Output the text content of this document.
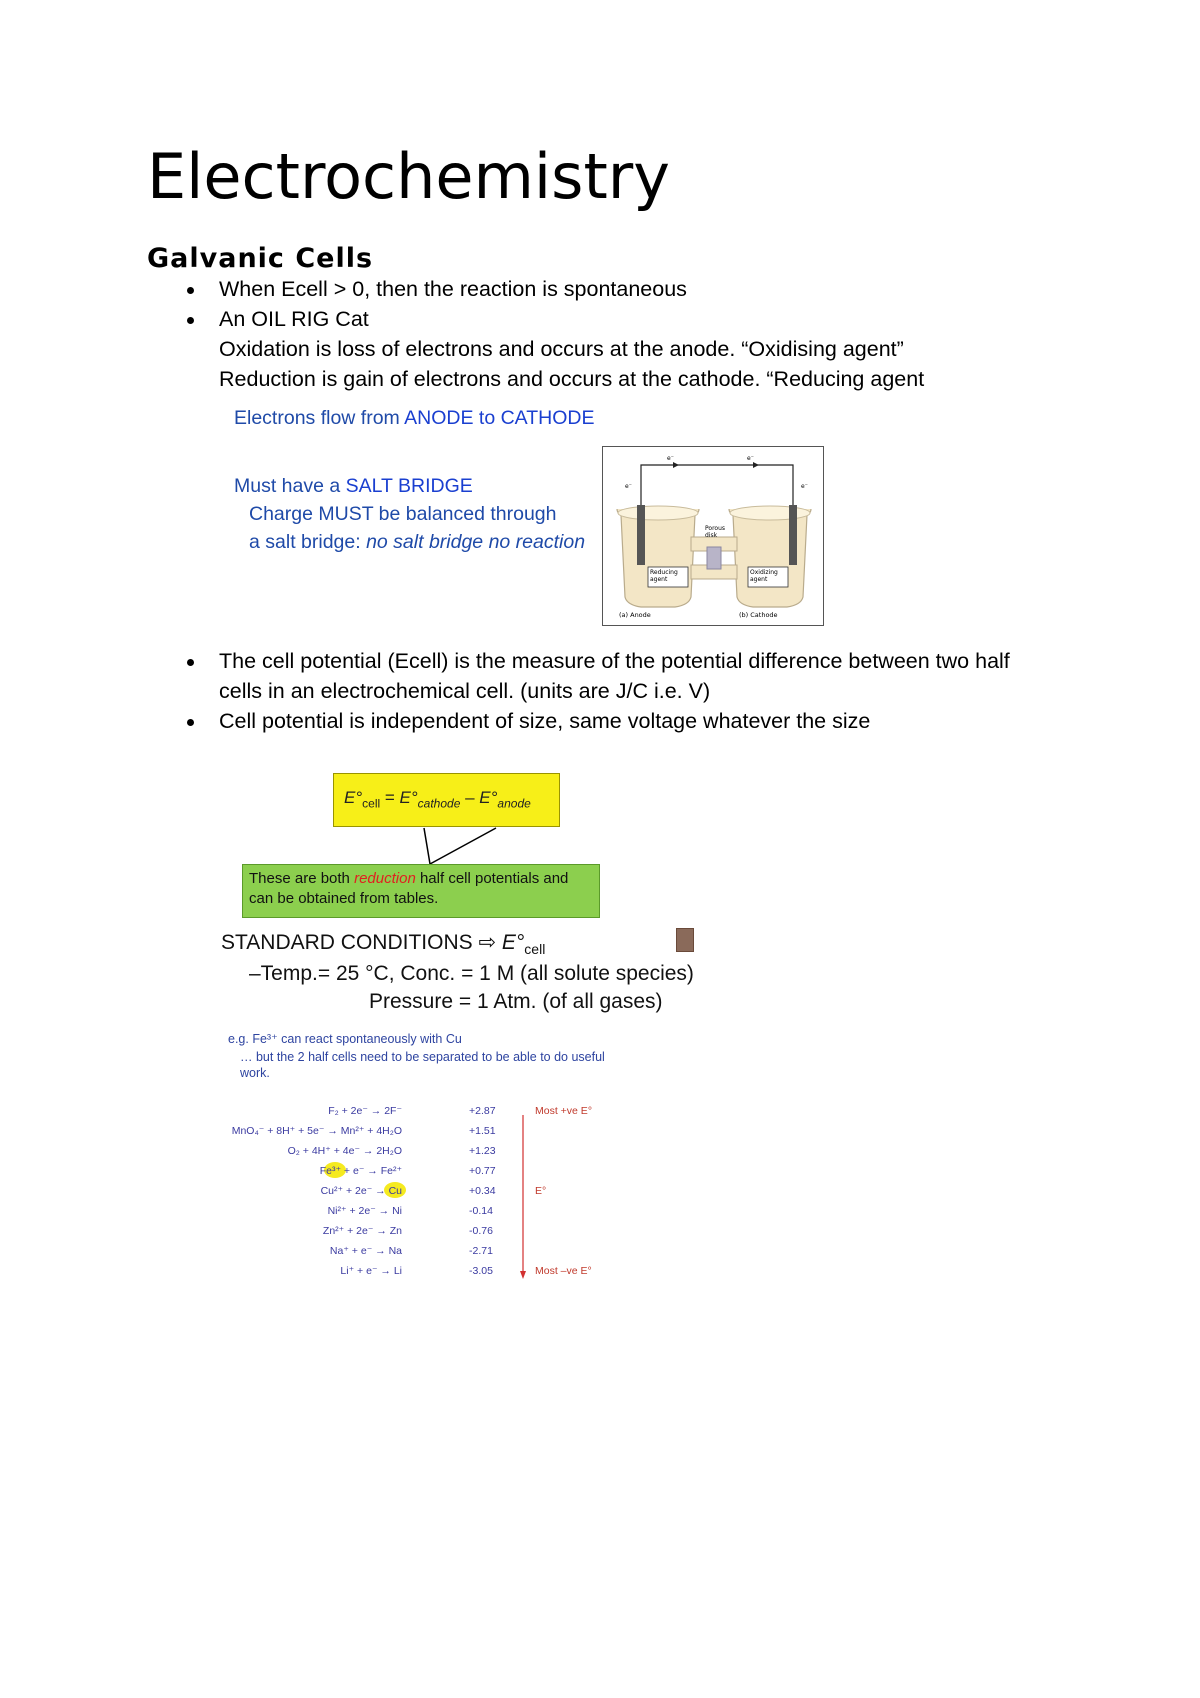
Electrochemistry
Galvanic Cells
When Ecell > 0, then the reaction is spontaneous
An OIL RIG Cat
Oxidation is loss of electrons and occurs at the anode. “Oxidising agent”
Reduction is gain of electrons and occurs at the cathode. “Reducing agent
Electrons flow from ANODE to CATHODE
Must have a SALT BRIDGE
Charge MUST be balanced through
a salt bridge: no salt bridge no reaction
e⁻	e⁻
e⁻	e⁻
Porous disk
Reducing agent
Oxidizing agent
(a) Anode	(b) Cathode
The cell potential (Ecell) is the measure of the potential difference between two half
cells in an electrochemical cell. (units are J/C i.e. V)
Cell potential is independent of size, same voltage whatever the size
$E^\circ_{cell} = E^\circ_{cathode} - E^\circ_{anode}$
These are both reduction half cell potentials and
can be obtained from tables.
STANDARD CONDITIONS ⇨ $E^\circ_{cell}$
–Temp.= 25 °C, Conc. = 1 M (all solute species)
Pressure = 1 Atm. (of all gases)
e.g. Fe³⁺ can react spontaneously with Cu
… but the 2 half cells need to be separated to be able to do useful
work.
F₂ + 2e⁻ → 2F⁻	+2.87
MnO₄⁻ + 8H⁺ + 5e⁻ → Mn²⁺ + 4H₂O	+1.51
O₂ + 4H⁺ + 4e⁻ → 2H₂O	+1.23
Fe³⁺ + e⁻ → Fe²⁺	+0.77
Cu²⁺ + 2e⁻ → Cu	+0.34
Ni²⁺ + 2e⁻ → Ni	-0.14
Zn²⁺ + 2e⁻ → Zn	-0.76
Na⁺ + e⁻ → Na	-2.71
Li⁺ + e⁻ → Li	-3.05
Most +ve E°
E°
Most –ve E°
